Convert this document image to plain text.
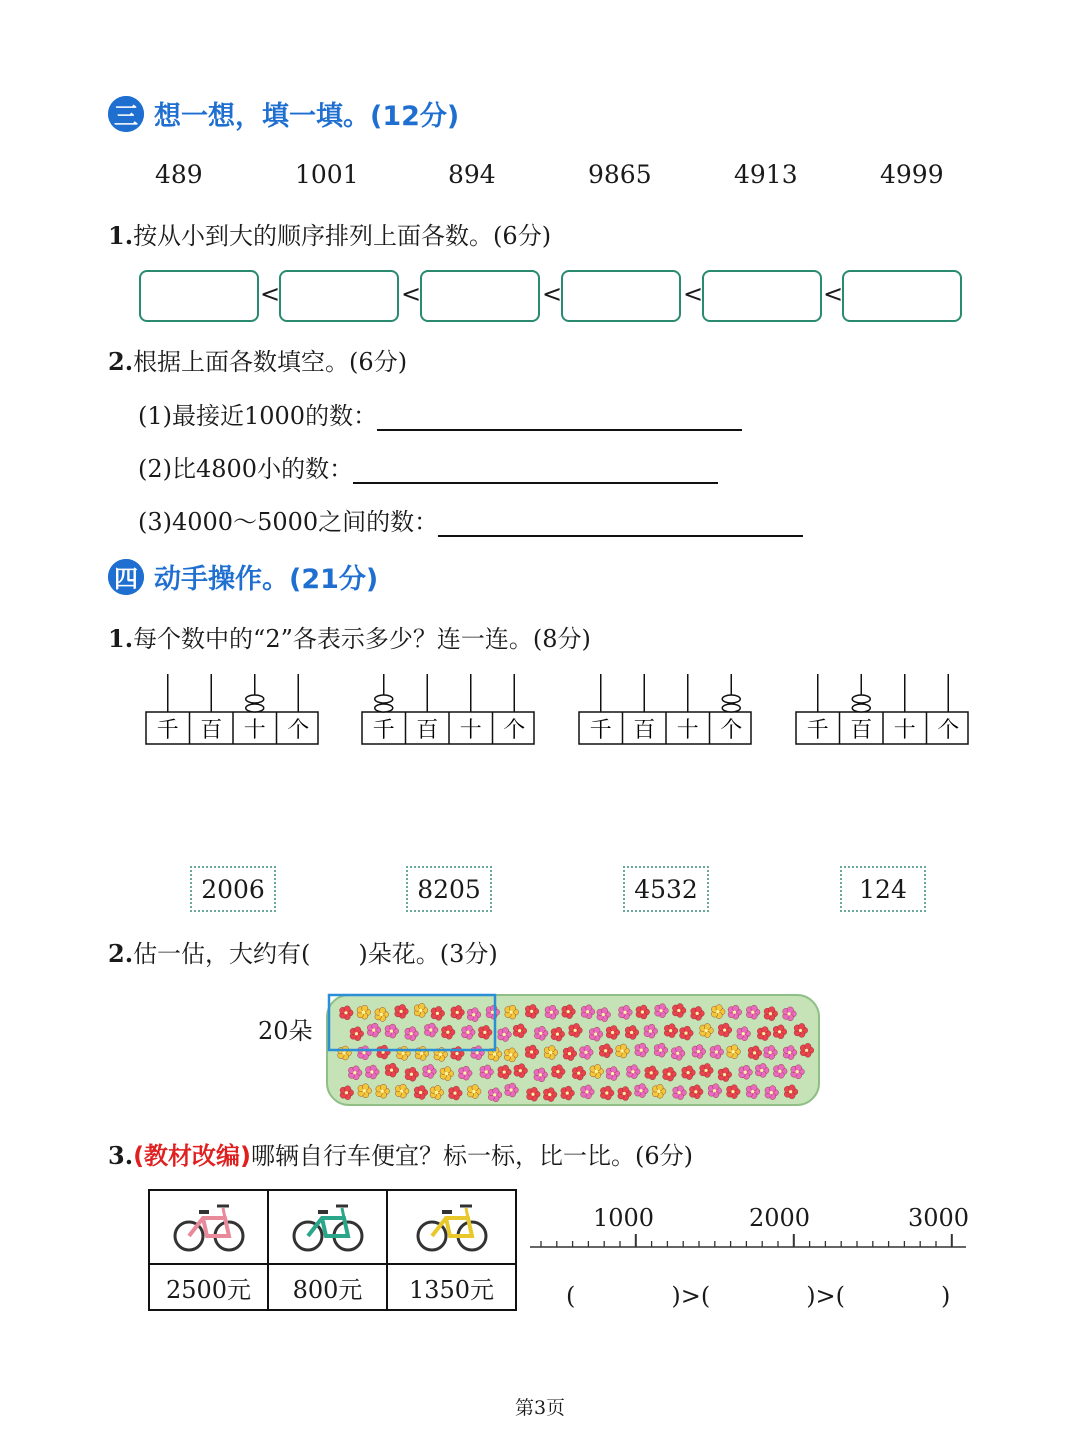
三 想一想，填一填。(12分)
489	1001	894	9865	4913	4999
1.按从小到大的顺序排列上面各数。(6分)
<	<	<	<	<
2.根据上面各数填空。(6分)
(1)最接近1000的数：
(2)比4800小的数：
(3)4000～5000之间的数：
四 动手操作。(21分)
1.每个数中的“2”各表示多少？连一连。(8分)
千 百 十 个	千 百 十 个	千 百 十 个	千 百 十 个
2006	8205	4532	124
2.估一估，大约有(　　)朵花。(3分)
20朵
3.(教材改编)哪辆自行车便宜？标一标，比一比。(6分)

2500元	800元	1350元
1000	2000	3000
(　　　　)>(　　　　)>(　　　　)
第3页
